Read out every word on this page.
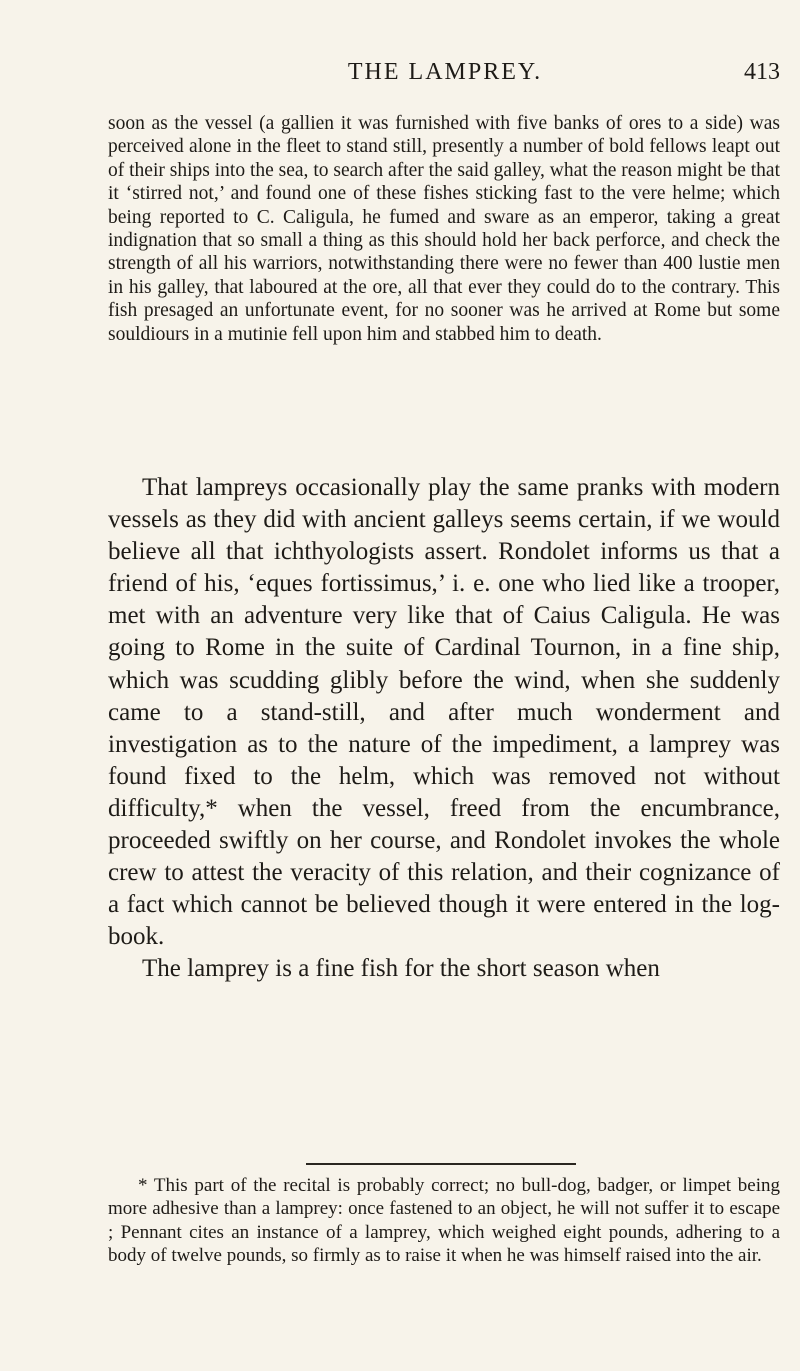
THE LAMPREY.	413

soon as the vessel (a gallien it was furnished with five banks of ores to a side) was perceived alone in the fleet to stand still, presently a number of bold fellows leapt out of their ships into the sea, to search after the said galley, what the reason might be that it ‘stirred not,’ and found one of these fishes sticking fast to the vere helme; which being reported to C. Caligula, he fumed and sware as an emperor, taking a great indignation that so small a thing as this should hold her back perforce, and check the strength of all his warriors, notwithstanding there were no fewer than 400 lustie men in his galley, that laboured at the ore, all that ever they could do to the contrary. This fish presaged an unfortunate event, for no sooner was he arrived at Rome but some souldiours in a mutinie fell upon him and stabbed him to death.

That lampreys occasionally play the same pranks with modern vessels as they did with ancient galleys seems certain, if we would believe all that ichthyologists assert. Rondolet informs us that a friend of his, ‘eques fortissimus,’ i. e. one who lied like a trooper, met with an adventure very like that of Caius Caligula. He was going to Rome in the suite of Cardinal Tournon, in a fine ship, which was scudding glibly before the wind, when she suddenly came to a stand-still, and after much wonderment and investigation as to the nature of the impediment, a lamprey was found fixed to the helm, which was removed not without difficulty,* when the vessel, freed from the encumbrance, proceeded swiftly on her course, and Rondolet invokes the whole crew to attest the veracity of this relation, and their cognizance of a fact which cannot be believed though it were entered in the log-book.

The lamprey is a fine fish for the short season when

* This part of the recital is probably correct; no bull-dog, badger, or limpet being more adhesive than a lamprey: once fastened to an object, he will not suffer it to escape ; Pennant cites an instance of a lamprey, which weighed eight pounds, adhering to a body of twelve pounds, so firmly as to raise it when he was himself raised into the air.
